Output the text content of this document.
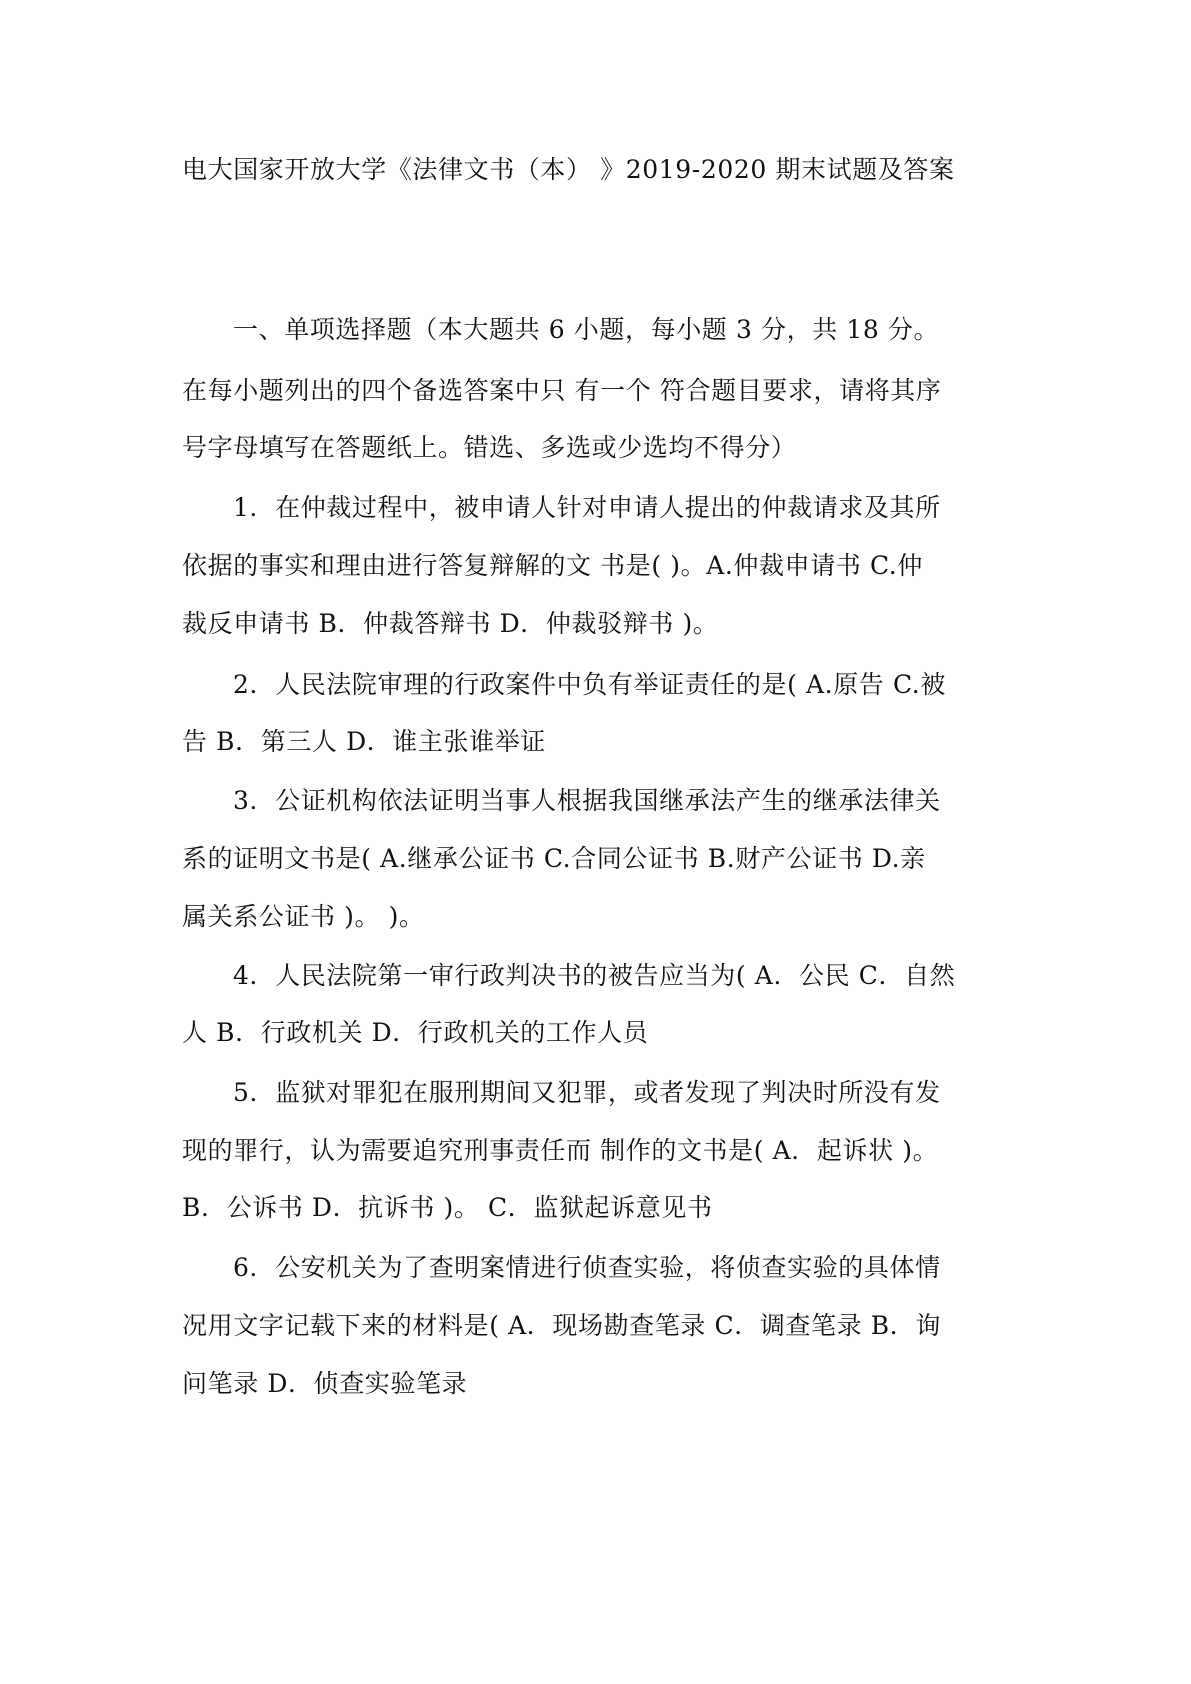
电大国家开放大学《法律文书（本） 》2019-2020 期末试题及答案
一、单项选择题（本大题共 6 小题，每小题 3 分，共 18 分。
在每小题列出的四个备选答案中只 有一个 符合题目要求，请将其序
号字母填写在答题纸上。错选、多选或少选均不得分）
1．在仲裁过程中，被申请人针对申请人提出的仲裁请求及其所
依据的事实和理由进行答复辩解的文 书是( )。A.仲裁申请书 C.仲
裁反申请书 B．仲裁答辩书 D．仲裁驳辩书 )。
2．人民法院审理的行政案件中负有举证责任的是( A.原告 C.被
告 B．第三人 D．谁主张谁举证
3．公证机构依法证明当事人根据我国继承法产生的继承法律关
系的证明文书是( A.继承公证书 C.合同公证书 B.财产公证书 D.亲
属关系公证书 )。 )。
4．人民法院第一审行政判决书的被告应当为( A．公民 C．自然
人 B．行政机关 D．行政机关的工作人员
5．监狱对罪犯在服刑期间又犯罪，或者发现了判决时所没有发
现的罪行，认为需要追究刑事责任而 制作的文书是( A．起诉状 )。
B．公诉书 D．抗诉书 )。 C．监狱起诉意见书
6．公安机关为了查明案情进行侦查实验，将侦查实验的具体情
况用文字记载下来的材料是( A．现场勘查笔录 C．调查笔录 B．询
问笔录 D．侦查实验笔录
